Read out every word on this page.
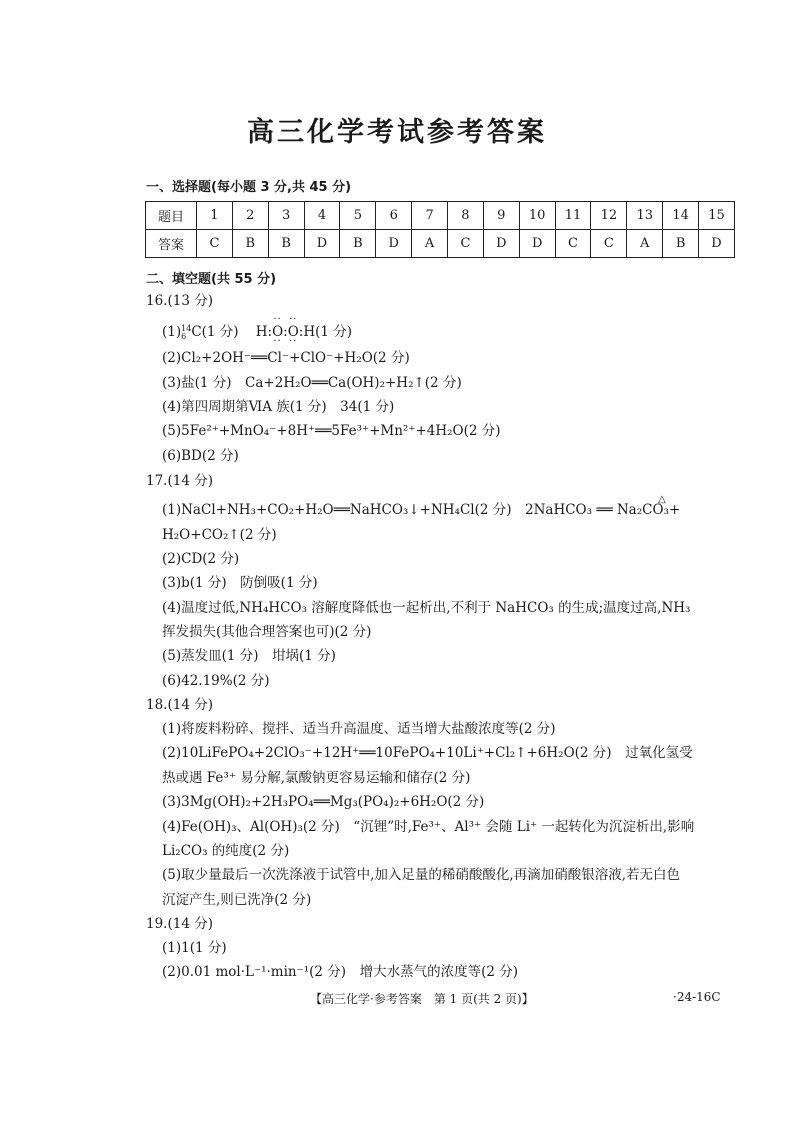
高三化学考试参考答案
一、选择题(每小题 3 分,共 45 分)
题目	1	2	3	4	5	6	7	8	9	10	11	12	13	14	15
答案	C	B	B	D	B	D	A	C	D	D	C	C	A	B	D
二、填空题(共 55 分)
16.(13 分)
(1) 14
6 C(1 分) H:·· O ··:·· O ··:H(1 分)
(2)Cl₂+2OH⁻══Cl⁻+ClO⁻+H₂O(2 分)
(3)盐(1 分)　Ca+2H₂O══Ca(OH)₂+H₂↑(2 分)
(4)第四周期第ⅥA 族(1 分)　34(1 分)
(5)5Fe²⁺+MnO₄⁻+8H⁺══5Fe³⁺+Mn²⁺+4H₂O(2 分)
(6)BD(2 分)
17.(14 分)
(1)NaCl+NH₃+CO₂+H₂O══NaHCO₃↓+NH₄Cl(2 分)　2NaHCO₃ ══ Na₂CO₃+
△
H₂O+CO₂↑(2 分)
(2)CD(2 分)
(3)b(1 分)　防倒吸(1 分)
(4)温度过低,NH₄HCO₃ 溶解度降低也一起析出,不利于 NaHCO₃ 的生成;温度过高,NH₃
挥发损失(其他合理答案也可)(2 分)
(5)蒸发皿(1 分)　坩埚(1 分)
(6)42.19%(2 分)
18.(14 分)
(1)将废料粉碎、搅拌、适当升高温度、适当增大盐酸浓度等(2 分)
(2)10LiFePO₄+2ClO₃⁻+12H⁺══10FePO₄+10Li⁺+Cl₂↑+6H₂O(2 分)　过氧化氢受
热或遇 Fe³⁺ 易分解,氯酸钠更容易运输和储存(2 分)
(3)3Mg(OH)₂+2H₃PO₄══Mg₃(PO₄)₂+6H₂O(2 分)
(4)Fe(OH)₃、Al(OH)₃(2 分)　“沉锂”时,Fe³⁺、Al³⁺ 会随 Li⁺ 一起转化为沉淀析出,影响
Li₂CO₃ 的纯度(2 分)
(5)取少量最后一次洗涤液于试管中,加入足量的稀硝酸酸化,再滴加硝酸银溶液,若无白色
沉淀产生,则已洗净(2 分)
19.(14 分)
(1)1(1 分)
(2)0.01 mol·L⁻¹·min⁻¹(2 分)　增大水蒸气的浓度等(2 分)
【高三化学·参考答案　第 1 页(共 2 页)】	·24-16C
